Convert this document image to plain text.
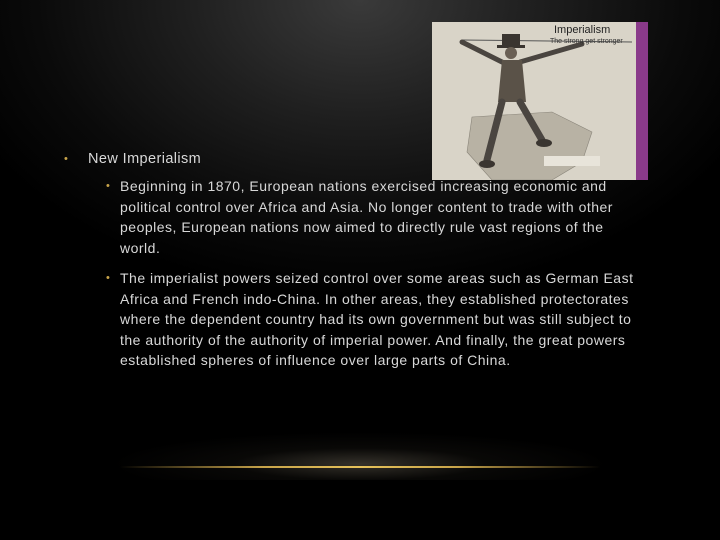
Imperialism
The strong get stronger
• New Imperialism
• Beginning in 1870, European nations exercised increasing economic and political control over Africa and Asia. No longer content to trade with other peoples, European nations now aimed to directly rule vast regions of the world.
• The imperialist powers seized control over some areas such as German East Africa and French indo-China. In other areas, they established protectorates where the dependent country had its own government but was still subject to the authority of the authority of imperial power. And finally, the great powers established spheres of influence over large parts of China.
